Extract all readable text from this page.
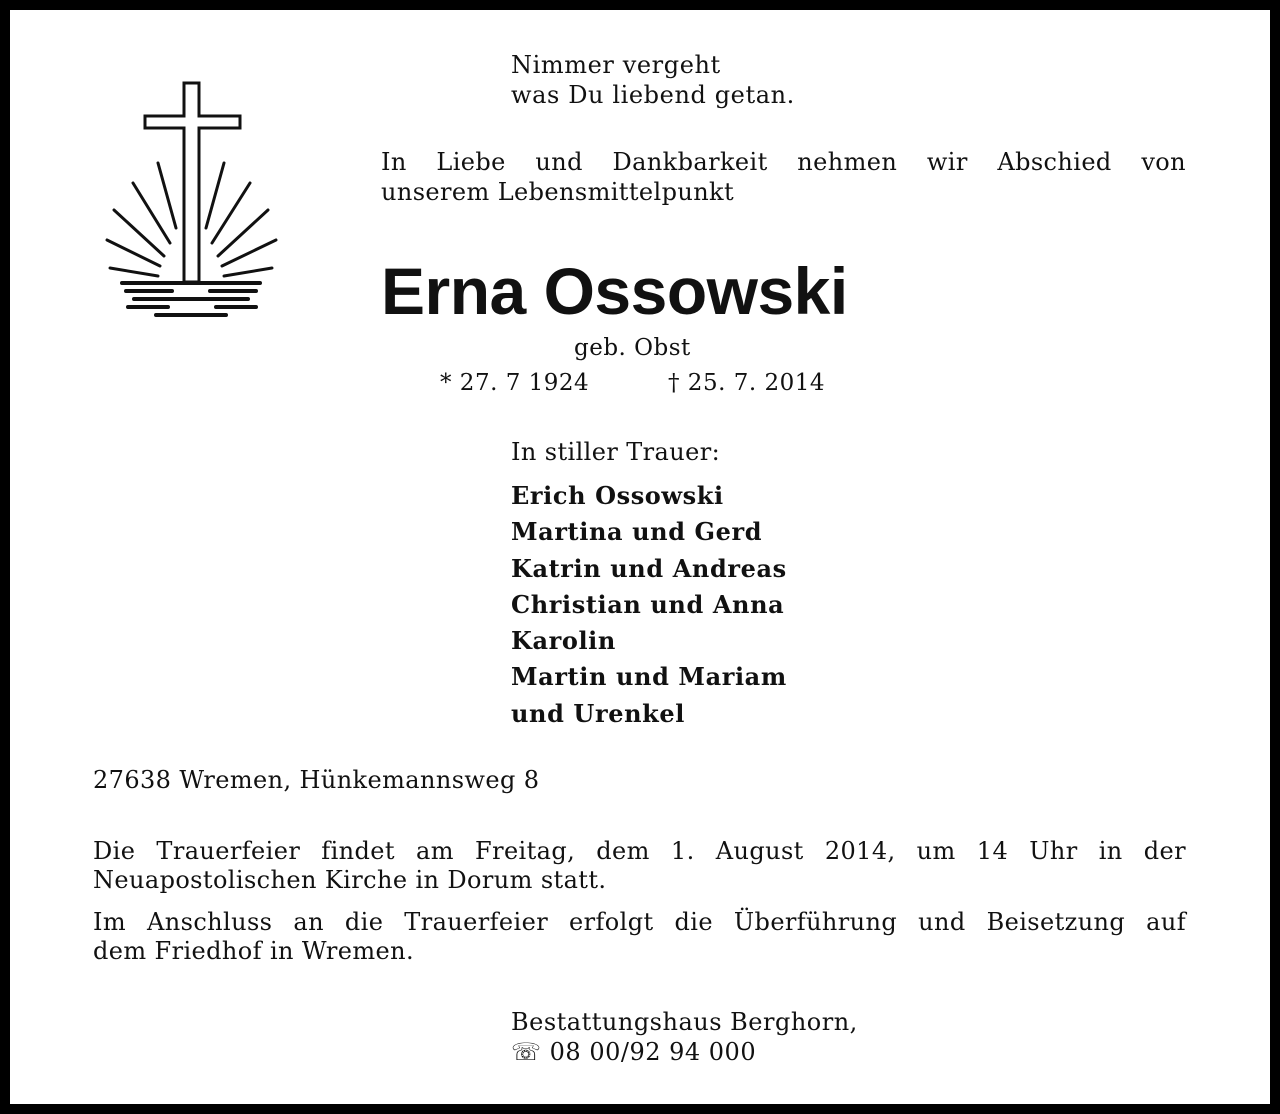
Nimmer vergeht
was Du liebend getan.
In Liebe und Dankbarkeit nehmen wir Abschied von
unserem Lebensmittelpunkt
Erna Ossowski
geb. Obst
* 27. 7 1924	† 25. 7. 2014
In stiller Trauer:
Erich Ossowski
Martina und Gerd
Katrin und Andreas
Christian und Anna
Karolin
Martin und Mariam
und Urenkel
27638 Wremen, Hünkemannsweg 8
Die Trauerfeier findet am Freitag, dem 1. August 2014, um 14 Uhr in der
Neuapostolischen Kirche in Dorum statt.
Im Anschluss an die Trauerfeier erfolgt die Überführung und Beisetzung auf
dem Friedhof in Wremen.
Bestattungshaus Berghorn,
☏ 08 00/92 94 000
